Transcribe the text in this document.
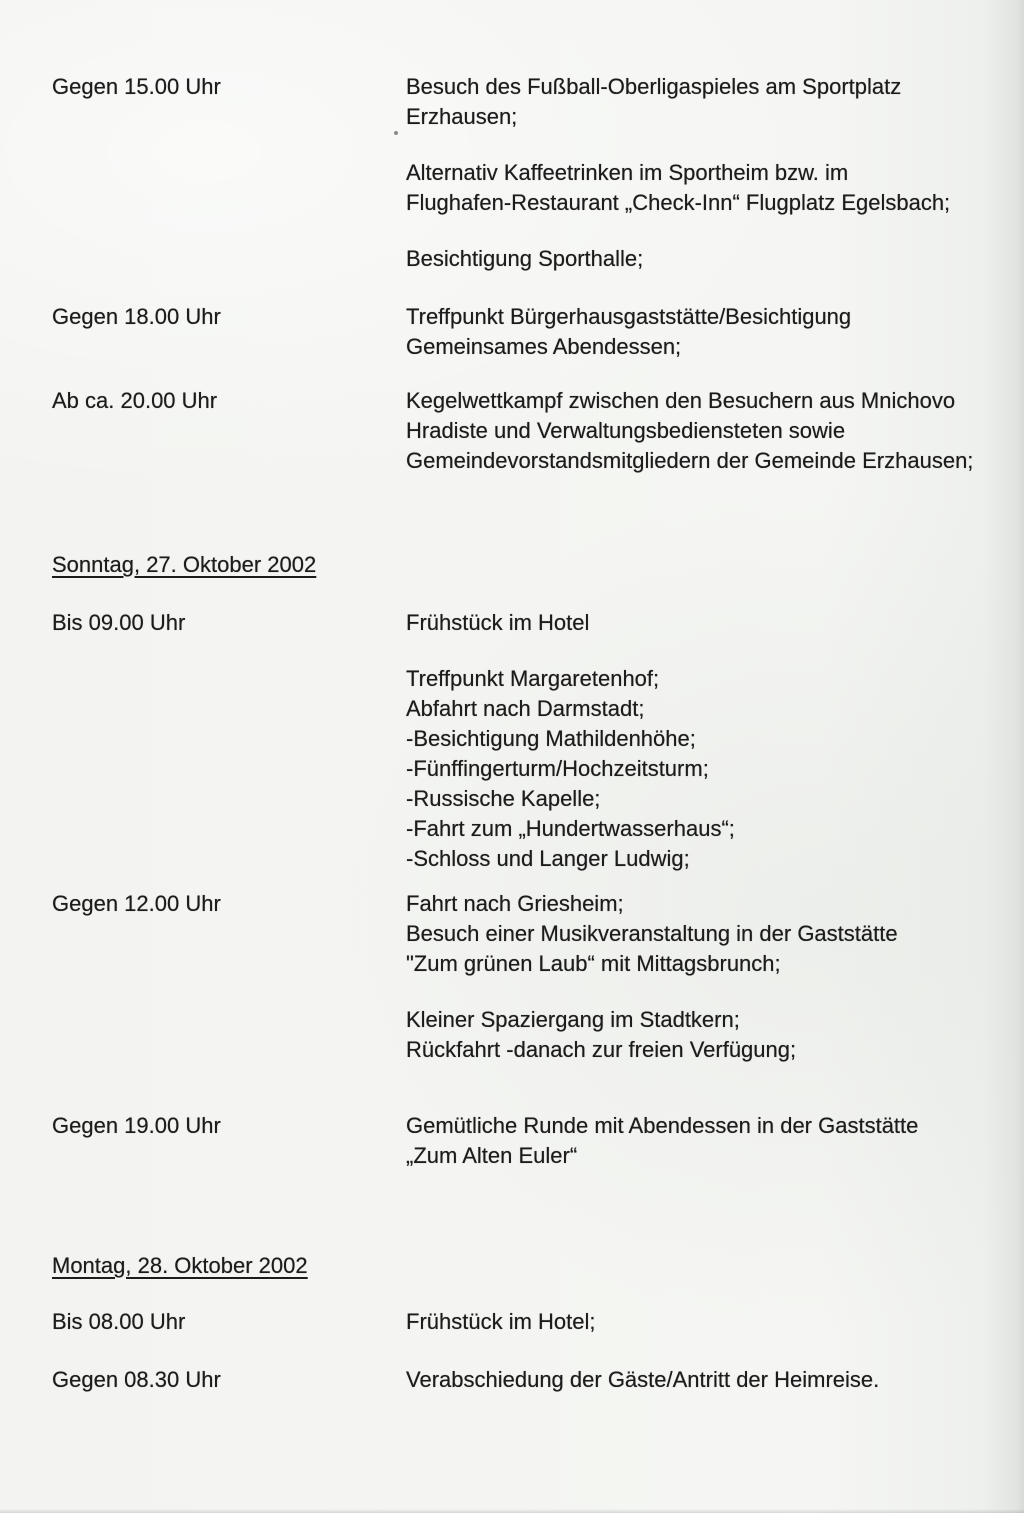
Gegen 15.00 Uhr	Besuch des Fußball-Oberligaspieles am Sportplatz
Erzhausen;
Alternativ Kaffeetrinken im Sportheim bzw. im
Flughafen-Restaurant „Check-Inn“ Flugplatz Egelsbach;
Besichtigung Sporthalle;
Gegen 18.00 Uhr	Treffpunkt Bürgerhausgaststätte/Besichtigung
Gemeinsames Abendessen;
Ab ca. 20.00 Uhr	Kegelwettkampf zwischen den Besuchern aus Mnichovo
Hradiste und Verwaltungsbediensteten sowie
Gemeindevorstandsmitgliedern der Gemeinde Erzhausen;
Sonntag, 27. Oktober 2002
Bis 09.00 Uhr	Frühstück im Hotel
Treffpunkt Margaretenhof;
Abfahrt nach Darmstadt;
-Besichtigung Mathildenhöhe;
-Fünffingerturm/Hochzeitsturm;
-Russische Kapelle;
-Fahrt zum „Hundertwasserhaus“;
-Schloss und Langer Ludwig;
Gegen 12.00 Uhr	Fahrt nach Griesheim;
Besuch einer Musikveranstaltung in der Gaststätte
"Zum grünen Laub“ mit Mittagsbrunch;
Kleiner Spaziergang im Stadtkern;
Rückfahrt -danach zur freien Verfügung;
Gegen 19.00 Uhr	Gemütliche Runde mit Abendessen in der Gaststätte
„Zum Alten Euler“
Montag, 28. Oktober 2002
Bis 08.00 Uhr	Frühstück im Hotel;
Gegen 08.30 Uhr	Verabschiedung der Gäste/Antritt der Heimreise.
